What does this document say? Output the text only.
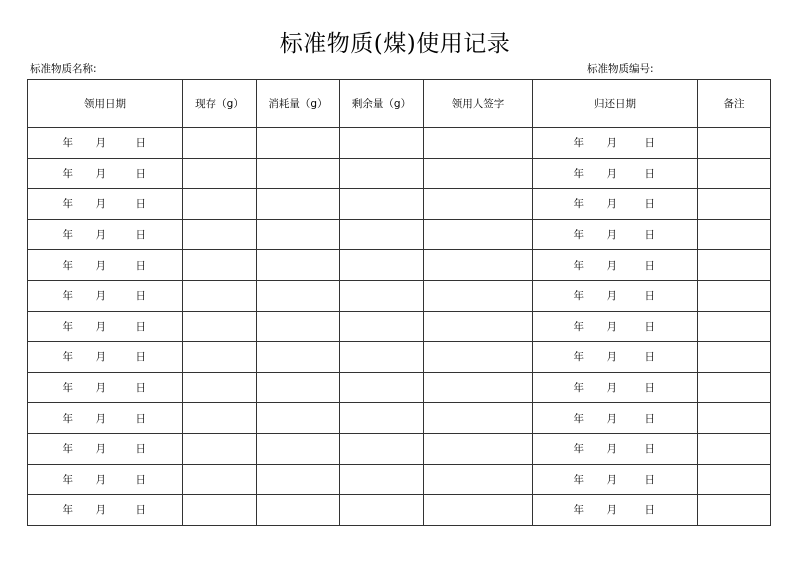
标准物质(煤)使用记录
标准物质名称:	标准物质编号:
领用日期	现存（g）	消耗量（g）	剩余量（g）	领用人签字	归还日期	备注
年 月 日					年 月 日	
年 月 日					年 月 日	
年 月 日					年 月 日	
年 月 日					年 月 日	
年 月 日					年 月 日	
年 月 日					年 月 日	
年 月 日					年 月 日	
年 月 日					年 月 日	
年 月 日					年 月 日	
年 月 日					年 月 日	
年 月 日					年 月 日	
年 月 日					年 月 日	
年 月 日					年 月 日	
